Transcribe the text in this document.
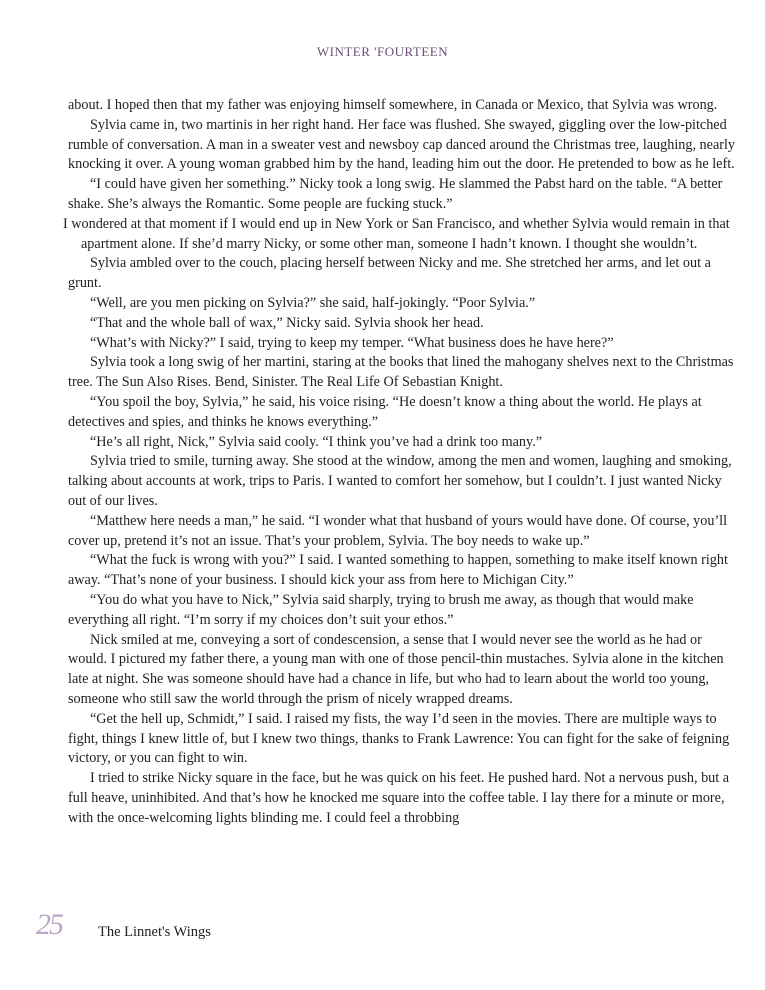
WINTER 'FOURTEEN

about. I hoped then that my father was enjoying himself somewhere, in Canada or Mexico, that Sylvia was wrong.

Sylvia came in, two martinis in her right hand. Her face was flushed. She swayed, giggling over the low-pitched rumble of conversation. A man in a sweater vest and newsboy cap danced around the Christmas tree, laughing, nearly knocking it over. A young woman grabbed him by the hand, leading him out the door. He pretended to bow as he left.

“I could have given her something.” Nicky took a long swig. He slammed the Pabst hard on the table. “A better shake. She’s always the Romantic. Some people are fucking stuck.”

I wondered at that moment if I would end up in New York or San Francisco, and whether Sylvia would remain in that apartment alone. If she’d marry Nicky, or some other man, someone I hadn’t known. I thought she wouldn’t.

Sylvia ambled over to the couch, placing herself between Nicky and me. She stretched her arms, and let out a grunt.

“Well, are you men picking on Sylvia?” she said, half-jokingly. “Poor Sylvia.”

“That and the whole ball of wax,” Nicky said. Sylvia shook her head.

“What’s with Nicky?” I said, trying to keep my temper. “What business does he have here?”

Sylvia took a long swig of her martini, staring at the books that lined the mahogany shelves next to the Christmas tree. The Sun Also Rises. Bend, Sinister. The Real Life Of Sebastian Knight.

“You spoil the boy, Sylvia,” he said, his voice rising. “He doesn’t know a thing about the world. He plays at detectives and spies, and thinks he knows everything.”

“He’s all right, Nick,” Sylvia said cooly. “I think you’ve had a drink too many.”

Sylvia tried to smile, turning away. She stood at the window, among the men and women, laughing and smoking, talking about accounts at work, trips to Paris. I wanted to comfort her somehow, but I couldn’t. I just wanted Nicky out of our lives.

“Matthew here needs a man,” he said. “I wonder what that husband of yours would have done. Of course, you’ll cover up, pretend it’s not an issue. That’s your problem, Sylvia. The boy needs to wake up.”

“What the fuck is wrong with you?” I said. I wanted something to happen, something to make itself known right away. “That’s none of your business. I should kick your ass from here to Michigan City.”

“You do what you have to Nick,” Sylvia said sharply, trying to brush me away, as though that would make everything all right. “I’m sorry if my choices don’t suit your ethos.”

Nick smiled at me, conveying a sort of condescension, a sense that I would never see the world as he had or would. I pictured my father there, a young man with one of those pencil-thin mustaches. Sylvia alone in the kitchen late at night. She was someone should have had a chance in life, but who had to learn about the world too young, someone who still saw the world through the prism of nicely wrapped dreams.

“Get the hell up, Schmidt,” I said. I raised my fists, the way I’d seen in the movies. There are multiple ways to fight, things I knew little of, but I knew two things, thanks to Frank Lawrence: You can fight for the sake of feigning victory, or you can fight to win.

I tried to strike Nicky square in the face, but he was quick on his feet. He pushed hard. Not a nervous push, but a full heave, uninhibited. And that’s how he knocked me square into the coffee table. I lay there for a minute or more, with the once-welcoming lights blinding me. I could feel a throbbing

25 The Linnet's Wings
